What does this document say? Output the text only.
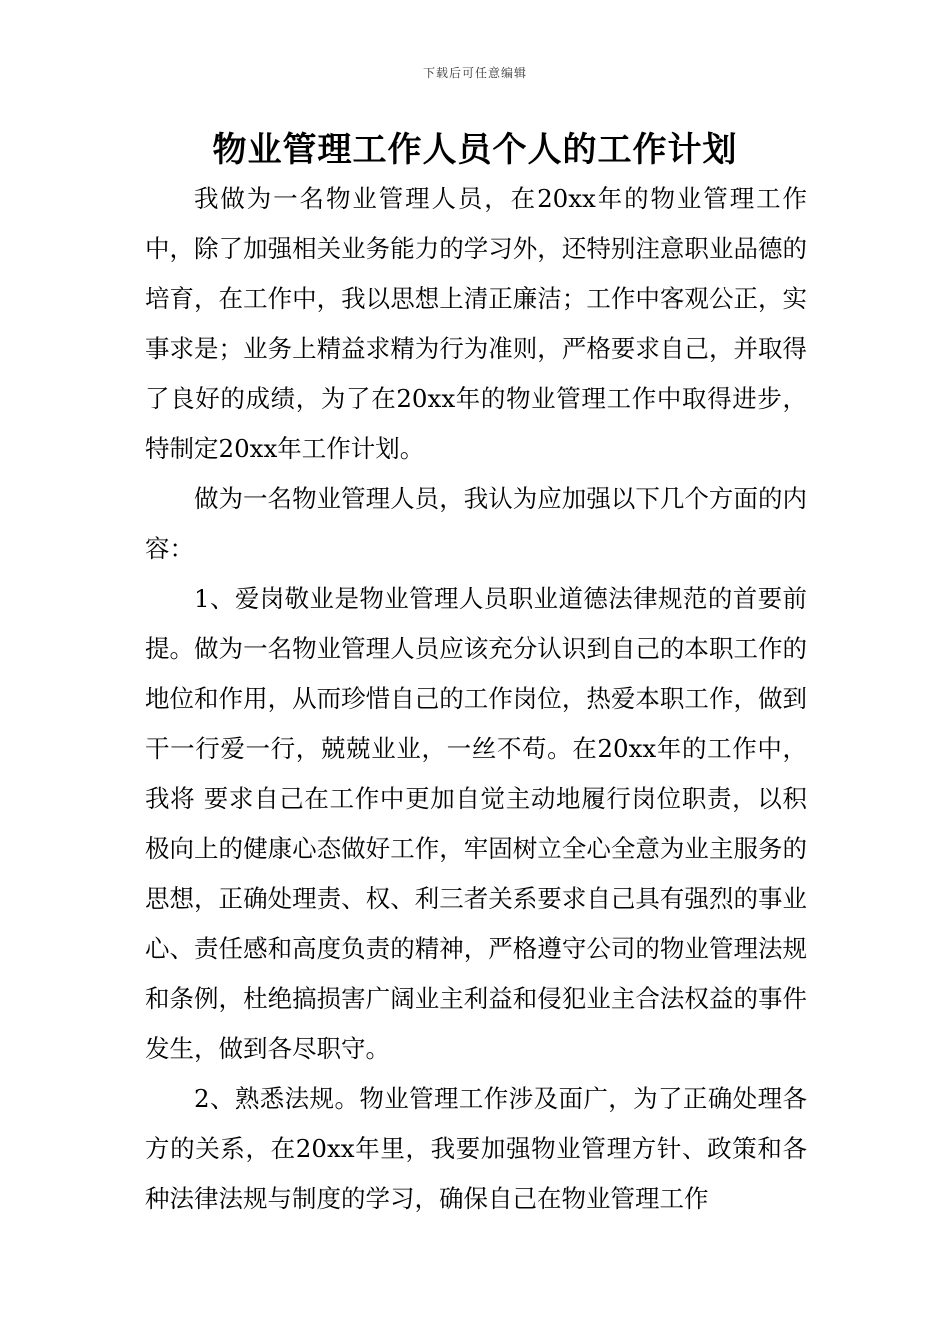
下载后可任意编辑
物业管理工作人员个人的工作计划

我做为一名物业管理人员，在20xx年的物业管理工作中，除了加强相关业务能力的学习外，还特别注意职业品德的培育，在工作中，我以思想上清正廉洁；工作中客观公正，实事求是；业务上精益求精为行为准则，严格要求自己，并取得了良好的成绩，为了在20xx年的物业管理工作中取得进步，特制定20xx年工作计划。

做为一名物业管理人员，我认为应加强以下几个方面的内容：

1、爱岗敬业是物业管理人员职业道德法律规范的首要前提。做为一名物业管理人员应该充分认识到自己的本职工作的地位和作用，从而珍惜自己的工作岗位，热爱本职工作，做到干一行爱一行，兢兢业业，一丝不苟。在20xx年的工作中，我将 要求自己在工作中更加自觉主动地履行岗位职责，以积极向上的健康心态做好工作，牢固树立全心全意为业主服务的思想，正确处理责、权、利三者关系要求自己具有强烈的事业心、责任感和高度负责的精神，严格遵守公司的物业管理法规和条例，杜绝搞损害广阔业主利益和侵犯业主合法权益的事件发生，做到各尽职守。

2、熟悉法规。物业管理工作涉及面广，为了正确处理各方的关系，在20xx年里，我要加强物业管理方针、政策和各种法律法规与制度的学习，确保自己在物业管理工作
